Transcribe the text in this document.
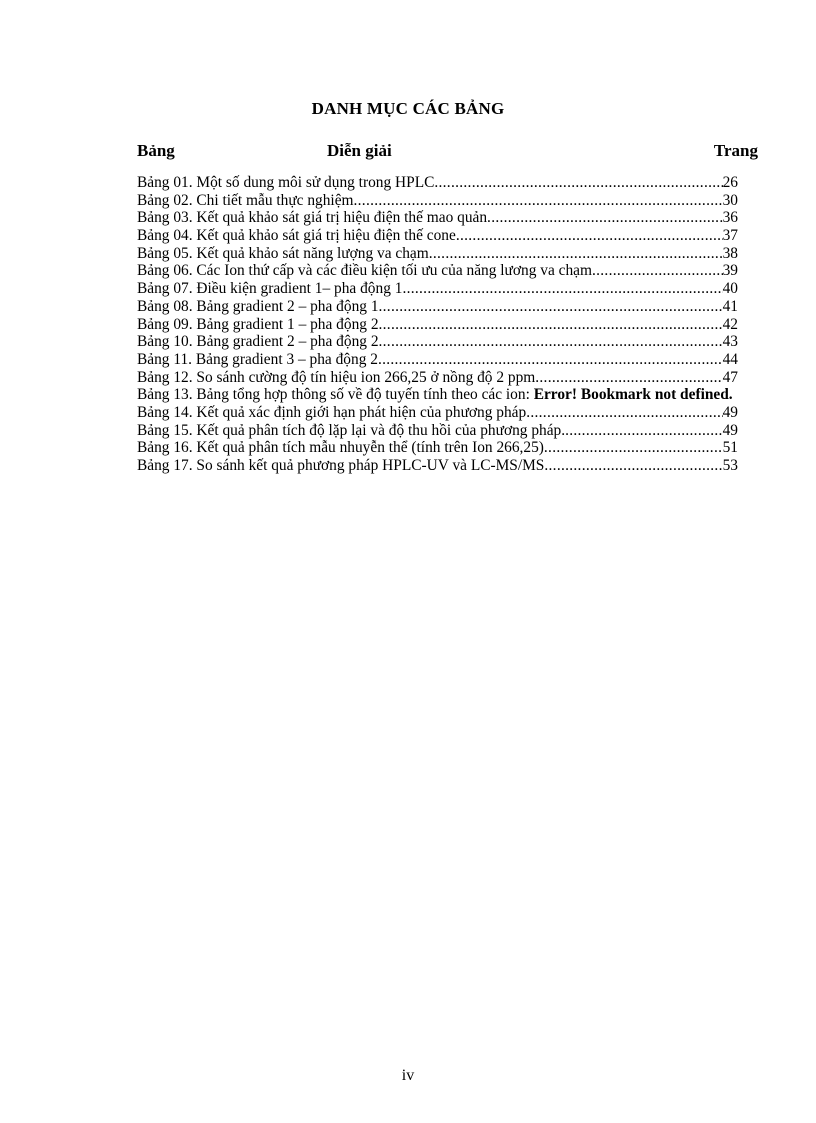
DANH MỤC CÁC BẢNG
Bảng	Diễn giải	Trang
Bảng 01. Một số dung môi sử dụng trong HPLC .....	26
Bảng 02. Chi tiết mẫu thực nghiệm .....	30
Bảng 03. Kết quả khảo sát giá trị hiệu điện thế mao quản .....	36
Bảng 04. Kết quả khảo sát giá trị hiệu điện thế cone .....	37
Bảng 05. Kết quả khảo sát năng lượng va chạm .....	38
Bảng 06. Các Ion thứ cấp và các điều kiện tối ưu của năng lương va chạm .....	39
Bảng 07. Điều kiện gradient 1– pha động 1 .....	40
Bảng 08. Bảng gradient 2 – pha động 1 .....	41
Bảng 09. Bảng gradient 1 – pha động 2 .....	42
Bảng 10. Bảng gradient 2 – pha động 2 .....	43
Bảng 11. Bảng gradient 3 – pha động 2 .....	44
Bảng 12. So sánh cường độ tín hiệu ion 266,25 ở nồng độ 2 ppm .....	47
Bảng 13. Bảng tổng hợp thông số về độ tuyến tính theo các ion: Error! Bookmark not defined.
Bảng 14. Kết quả xác định giới hạn phát hiện của phương pháp .....	49
Bảng 15. Kết quả phân tích độ lặp lại và độ thu hồi của phương pháp. .....	49
Bảng 16. Kết quả phân tích mẫu nhuyễn thể (tính trên Ion 266,25) .....	51
Bảng 17. So sánh kết quả phương pháp HPLC-UV và LC-MS/MS .....	53
iv
